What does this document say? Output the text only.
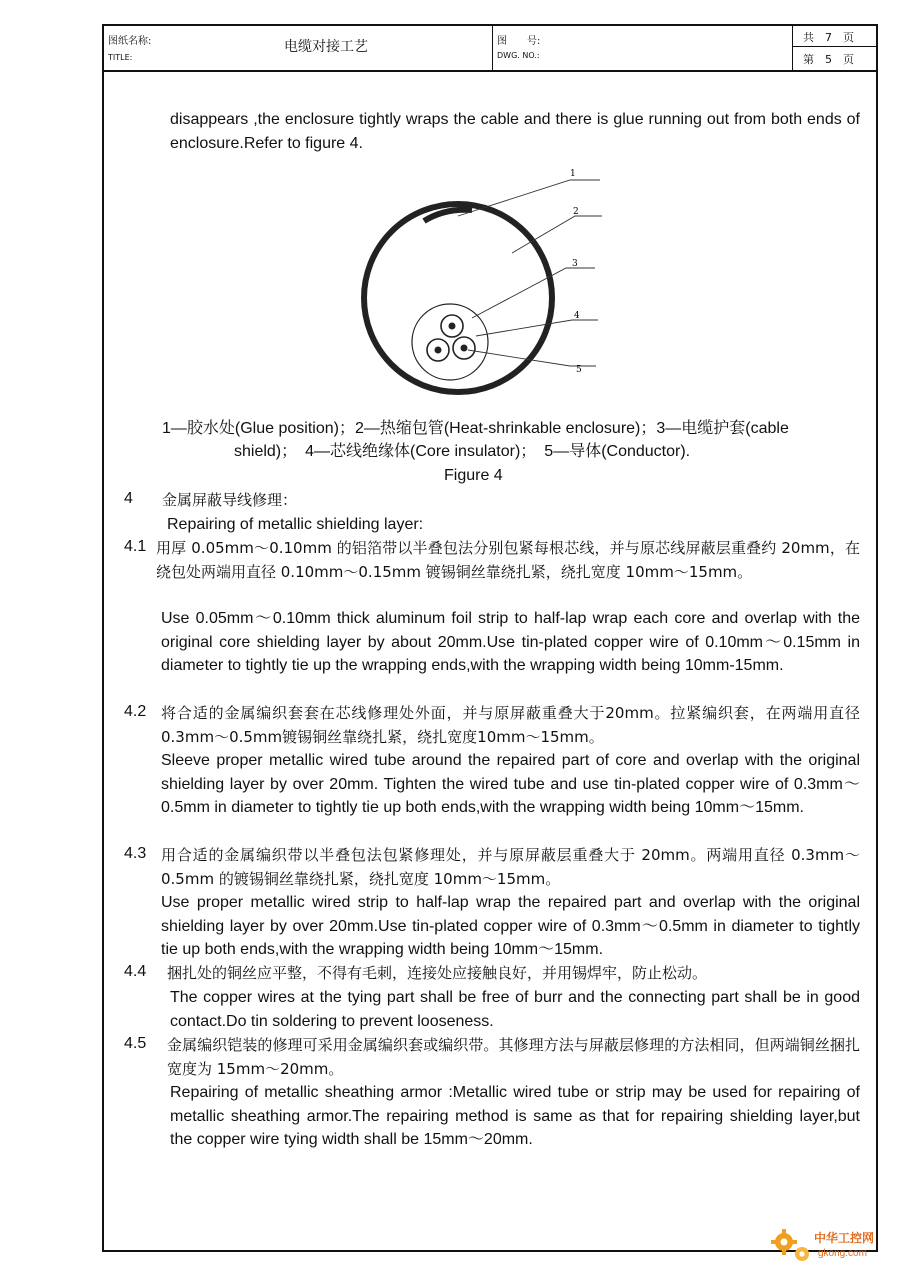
图纸名称:
TITLE:
电缆对接工艺	图　　号:
DWG. NO.:
共　7　页
第　5　页
disappears ,the enclosure tightly wraps the cable and there is glue running out from both ends of enclosure.Refer to figure 4.
1
2
3
4
5
1—胶水处(Glue position)；2—热缩包管(Heat-shrinkable enclosure)；3—电缆护套(cable
shield)；　4—芯线绝缘体(Core insulator)；　5—导体(Conductor).
Figure 4
4 金属屏蔽导线修理：
Repairing of metallic shielding layer:
4.1 用厚 0.05mm～0.10mm 的铝箔带以半叠包法分别包紧每根芯线，并与原芯线屏蔽层重叠约 20mm，在绕包处两端用直径 0.10mm～0.15mm 镀锡铜丝靠绕扎紧，绕扎宽度 10mm～15mm。
Use 0.05mm～0.10mm thick aluminum foil strip to half-lap wrap each core and overlap with the original core shielding layer by about 20mm.Use tin-plated copper wire of 0.10mm～0.15mm in diameter to tightly tie up the wrapping ends,with the wrapping width being 10mm-15mm.
4.2 将合适的金属编织套套在芯线修理处外面，并与原屏蔽重叠大于20mm。拉紧编织套，在两端用直径0.3mm～0.5mm镀锡铜丝靠绕扎紧，绕扎宽度10mm～15mm。
Sleeve proper metallic wired tube around the repaired part of core and overlap with the original shielding layer by over 20mm. Tighten the wired tube and use tin-plated copper wire of 0.3mm～0.5mm in diameter to tightly tie up both ends,with the wrapping width being 10mm～15mm.
4.3 用合适的金属编织带以半叠包法包紧修理处，并与原屏蔽层重叠大于 20mm。两端用直径 0.3mm～0.5mm 的镀锡铜丝靠绕扎紧，绕扎宽度 10mm～15mm。
Use proper metallic wired strip to half-lap wrap the repaired part and overlap with the original shielding layer by over 20mm.Use tin-plated copper wire of 0.3mm～0.5mm in diameter to tightly tie up both ends,with the wrapping width being 10mm～15mm.
4.4 捆扎处的铜丝应平整，不得有毛刺，连接处应接触良好，并用锡焊牢，防止松动。
The copper wires at the tying part shall be free of burr and the connecting part shall be in good contact.Do tin soldering to prevent looseness.
4.5 金属编织铠装的修理可采用金属编织套或编织带。其修理方法与屏蔽层修理的方法相同，但两端铜丝捆扎宽度为 15mm～20mm。
Repairing of metallic sheathing armor :Metallic wired tube or strip may be used for repairing of metallic sheathing armor.The repairing method is same as that for repairing shielding layer,but the copper wire tying width shall be 15mm～20mm.
中华工控网
gkong.com
